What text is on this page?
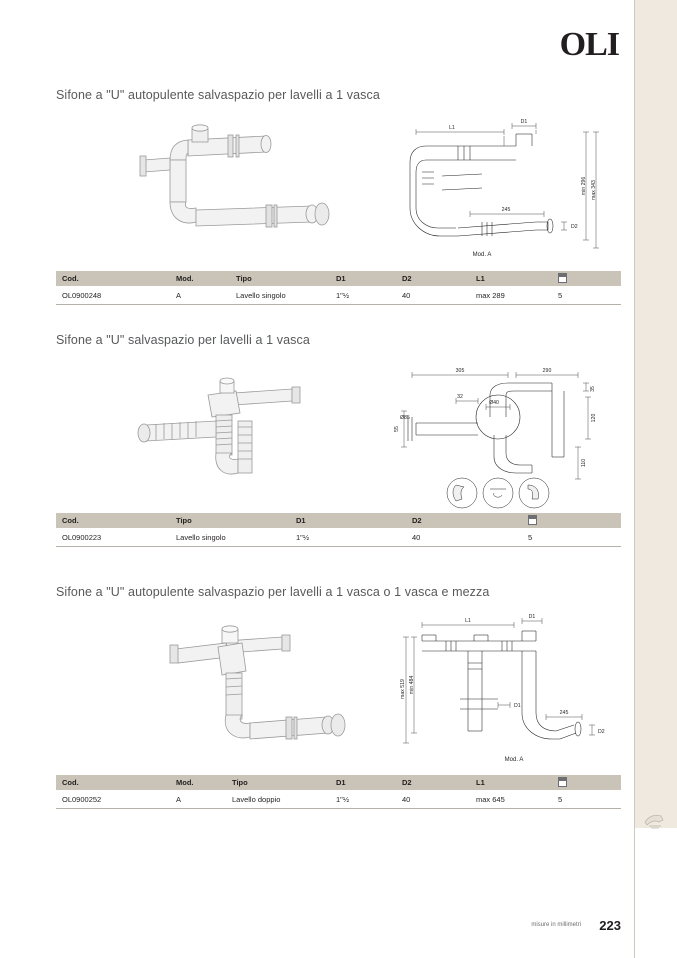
OLI
Sifone a "U" autopulente salvaspazio per lavelli a 1 vasca
L1
D1
245
D2
min 296 max 343
Mod. A
Cod.	Mod.	Tipo	D1	D2	L1	

OL0900248	A	Lavello singolo	1"½	40	max 289	5
Sifone a "U" salvaspazio per lavelli a 1 vasca
305	290
35
120
110
55
Ø85
32
Ø40
Cod.	Tipo	D1	D2	

OL0900223	Lavello singolo	1"½	40	5
Sifone a "U" autopulente salvaspazio per lavelli a 1 vasca o 1 vasca e mezza
L1
D1
min 484
max 519
D1
245
D2
Mod. A
Cod.	Mod.	Tipo	D1	D2	L1	

OL0900252	A	Lavello doppio	1"½	40	max 645	5
misure in millimetri 223
